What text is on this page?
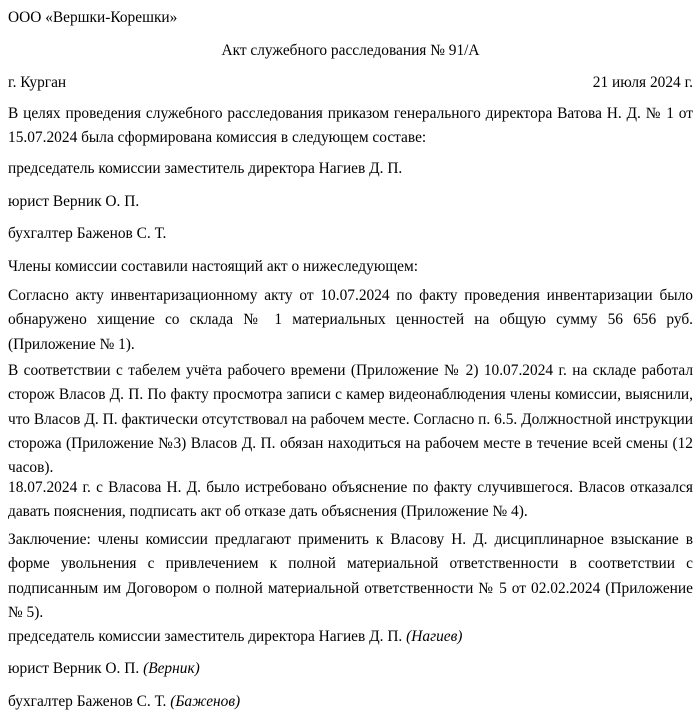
ООО «Вершки-Корешки»
Акт служебного расследования № 91/А
г. Курган	21 июля 2024 г.
В целях проведения служебного расследования приказом генерального директора Ватова Н. Д. № 1 от 15.07.2024 была сформирована комиссия в следующем составе:
председатель комиссии заместитель директора Нагиев Д. П.
юрист Верник О. П.
бухгалтер Баженов С. Т.
Члены комиссии составили настоящий акт о нижеследующем:
Согласно акту инвентаризационному акту от 10.07.2024 по факту проведения инвентаризации было обнаружено хищение со склада № 1 материальных ценностей на общую сумму 56 656 руб. (Приложение № 1).
В соответствии с табелем учёта рабочего времени (Приложение № 2) 10.07.2024 г. на складе работал сторож Власов Д. П. По факту просмотра записи с камер видеонаблюдения члены комиссии, выяснили, что Власов Д. П. фактически отсутствовал на рабочем месте. Согласно п. 6.5. Должностной инструкции сторожа (Приложение №3) Власов Д. П. обязан находиться на рабочем месте в течение всей смены (12 часов).
18.07.2024 г. с Власова Н. Д. было истребовано объяснение по факту случившегося. Власов отказался давать пояснения, подписать акт об отказе дать объяснения (Приложение № 4).
Заключение: члены комиссии предлагают применить к Власову Н. Д. дисциплинарное взыскание в форме увольнения с привлечением к полной материальной ответственности в соответствии с подписанным им Договором о полной материальной ответственности № 5 от 02.02.2024 (Приложение № 5).
председатель комиссии заместитель директора Нагиев Д. П. (Нагиев)
юрист Верник О. П. (Верник)
бухгалтер Баженов С. Т. (Баженов)
